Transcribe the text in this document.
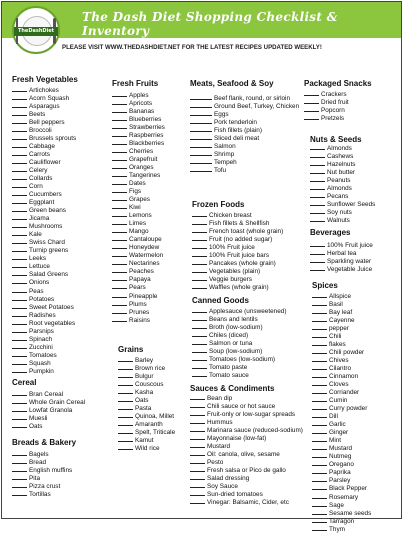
The Dash Diet Shopping Checklist & Inventory
TheDashDiet
PLEASE VISIT WWW.THEDASHDIET.NET FOR THE LATEST RECIPES UPDATED WEEKLY!
Fresh Vegetables
Artichokes
Acorn Squash
Asparagus
Beets
Bell peppers
Broccoli
Brussels sprouts
Cabbage
Carrots
Cauliflower
Celery
Collards
Corn
Cucumbers
Eggplant
Green beans
Jicama
Mushrooms
Kale
Swiss Chard
Turnip greens
Leeks
Lettuce
Salad Greens
Onions
Peas
Potatoes
Sweet Potatoes
Radishes
Root vegetables
Parsnips
Spinach
Zucchini
Tomatoes
Squash
Pumpkin
Cereal
Bran Cereal
Whole Grain Cereal
Lowfat Granola
Muesli
Oats
Breads & Bakery
Bagels
Bread
English muffins
Pita
Pizza crust
Tortillas
Fresh Fruits
Apples
Apricots
Bananas
Blueberries
Strawberries
Raspberries
Blackberries
Cherries
Grapefruit
Oranges
Tangerines
Dates
Figs
Grapes
Kiwi
Lemons
Limes
Mango
Cantaloupe
Honeydew
Watermelon
Nectarines
Peaches
Papaya
Pears
Pineapple
Plums
Prunes
Raisins
Grains
Barley
Brown rice
Bulgur
Couscous
Kasha
Oats
Pasta
Quinoa, Millet
Amaranth
Spelt, Triticale
Kamut
Wild rice
Meats, Seafood & Soy
Beef flank, round, or sirloin
Ground Beef, Turkey, Chicken
Eggs
Pork tenderloin
Fish fillets (plain)
Sliced deli meat
Salmon
Shrimp
Tempeh
Tofu
Frozen Foods
Chicken breast
Fish fillets & Shellfish
French toast (whole grain)
Fruit (no added sugar)
100% Fruit juice
100% Fruit juice bars
Pancakes (whole grain)
Vegetables (plain)
Veggie burgers
Waffles (whole grain)
Canned Goods
Applesauce (unsweetened)
Beans and lentils
Broth (low-sodium)
Chiles (diced)
Salmon or tuna
Soup (low-sodium)
Tomatoes (low-sodium)
Tomato paste
Tomato sauce
Sauces & Condiments
Bean dip
Chili sauce or hot sauce
Fruit-only or low-sugar spreads
Hummus
Marinara sauce (reduced-sodium)
Mayonnaise (low-fat)
Mustard
Oil: canola, olive, sesame
Pesto
Fresh salsa or Pico de gallo
Salad dressing
Soy Sauce
Sun-dried tomatoes
Vinegar: Balsamic, Cider, etc
Packaged Snacks
Crackers
Dried fruit
Popcorn
Pretzels
Nuts & Seeds
Almonds
Cashews
Hazelnuts
Nut butter
Peanuts
Almonds
Pecans
Sunflower Seeds
Soy nuts
Walnuts
Beverages
100% Fruit juice
Herbal tea
Sparkling water
Vegetable Juice
Spices
Allspice
Basil
Bay leaf
Cayenne
pepper
Chili
flakes
Chili powder
Chives
Cilantro
Cinnamon
Cloves
Corriander
Cumin
Curry powder
Dill
Garlic
Ginger
Mint
Mustard
Nutmeg
Oregano
Paprika
Parsley
Black Pepper
Rosemary
Sage
Sesame seeds
Tarragon
Thym
